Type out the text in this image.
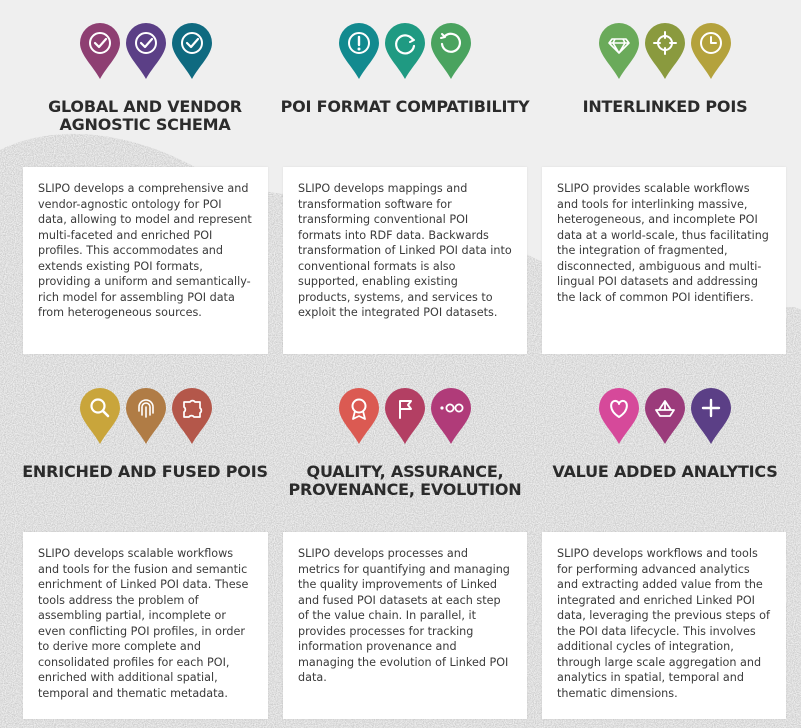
GLOBAL AND VENDOR
AGNOSTIC SCHEMA

SLIPO develops a comprehensive and vendor-agnostic ontology for POI data, allowing to model and represent multi-faceted and enriched POI profiles. This accommodates and extends existing POI formats, providing a uniform and semantically-rich model for assembling POI data from heterogeneous sources.

POI FORMAT COMPATIBILITY

SLIPO develops mappings and transformation software for transforming conventional POI formats into RDF data. Backwards transformation of Linked POI data into conventional formats is also supported, enabling existing products, systems, and services to exploit the integrated POI datasets.

INTERLINKED POIS

SLIPO provides scalable workflows and tools for interlinking massive, heterogeneous, and incomplete POI data at a world-scale, thus facilitating the integration of fragmented, disconnected, ambiguous and multi-lingual POI datasets and addressing the lack of common POI identifiers.

ENRICHED AND FUSED POIS

SLIPO develops scalable workflows and tools for the fusion and semantic enrichment of Linked POI data. These tools address the problem of assembling partial, incomplete or even conflicting POI profiles, in order to derive more complete and consolidated profiles for each POI, enriched with additional spatial, temporal and thematic metadata.

QUALITY, ASSURANCE,
PROVENANCE, EVOLUTION

SLIPO develops processes and metrics for quantifying and managing the quality improvements of Linked and fused POI datasets at each step of the value chain. In parallel, it provides processes for tracking information provenance and managing the evolution of Linked POI data.

VALUE ADDED ANALYTICS

SLIPO develops workflows and tools for performing advanced analytics and extracting added value from the integrated and enriched Linked POI data, leveraging the previous steps of the POI data lifecycle. This involves additional cycles of integration, through large scale aggregation and analytics in spatial, temporal and thematic dimensions.
